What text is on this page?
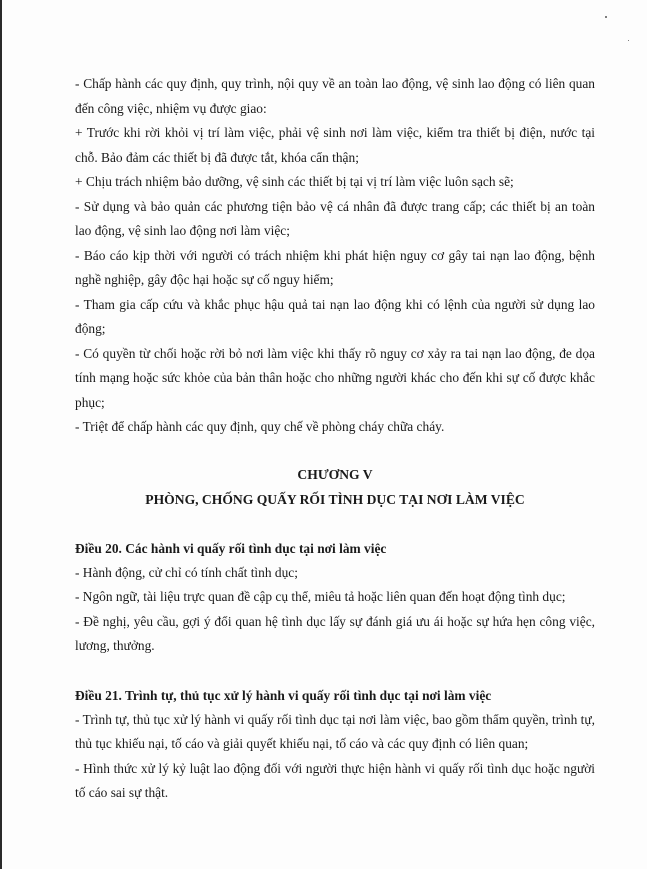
- Chấp hành các quy định, quy trình, nội quy về an toàn lao động, vệ sinh lao động có liên quan đến công việc, nhiệm vụ được giao:

+ Trước khi rời khỏi vị trí làm việc, phải vệ sinh nơi làm việc, kiểm tra thiết bị điện, nước tại chỗ. Bảo đảm các thiết bị đã được tắt, khóa cẩn thận;

+ Chịu trách nhiệm bảo dưỡng, vệ sinh các thiết bị tại vị trí làm việc luôn sạch sẽ;

- Sử dụng và bảo quản các phương tiện bảo vệ cá nhân đã được trang cấp; các thiết bị an toàn lao động, vệ sinh lao động nơi làm việc;

- Báo cáo kịp thời với người có trách nhiệm khi phát hiện nguy cơ gây tai nạn lao động, bệnh nghề nghiệp, gây độc hại hoặc sự cố nguy hiểm;

- Tham gia cấp cứu và khắc phục hậu quả tai nạn lao động khi có lệnh của người sử dụng lao động;

- Có quyền từ chối hoặc rời bỏ nơi làm việc khi thấy rõ nguy cơ xảy ra tai nạn lao động, đe dọa tính mạng hoặc sức khỏe của bản thân hoặc cho những người khác cho đến khi sự cố được khắc phục;

- Triệt để chấp hành các quy định, quy chế về phòng cháy chữa cháy.

CHƯƠNG V
PHÒNG, CHỐNG QUẤY RỐI TÌNH DỤC TẠI NƠI LÀM VIỆC

Điều 20. Các hành vi quấy rối tình dục tại nơi làm việc

- Hành động, cử chỉ có tính chất tình dục;

- Ngôn ngữ, tài liệu trực quan đề cập cụ thể, miêu tả hoặc liên quan đến hoạt động tình dục;

- Đề nghị, yêu cầu, gợi ý đổi quan hệ tình dục lấy sự đánh giá ưu ái hoặc sự hứa hẹn công việc, lương, thưởng.

Điều 21. Trình tự, thủ tục xử lý hành vi quấy rối tình dục tại nơi làm việc

- Trình tự, thủ tục xử lý hành vi quấy rối tình dục tại nơi làm việc, bao gồm thẩm quyền, trình tự, thủ tục khiếu nại, tố cáo và giải quyết khiếu nại, tố cáo và các quy định có liên quan;

- Hình thức xử lý kỷ luật lao động đối với người thực hiện hành vi quấy rối tình dục hoặc người tố cáo sai sự thật.
